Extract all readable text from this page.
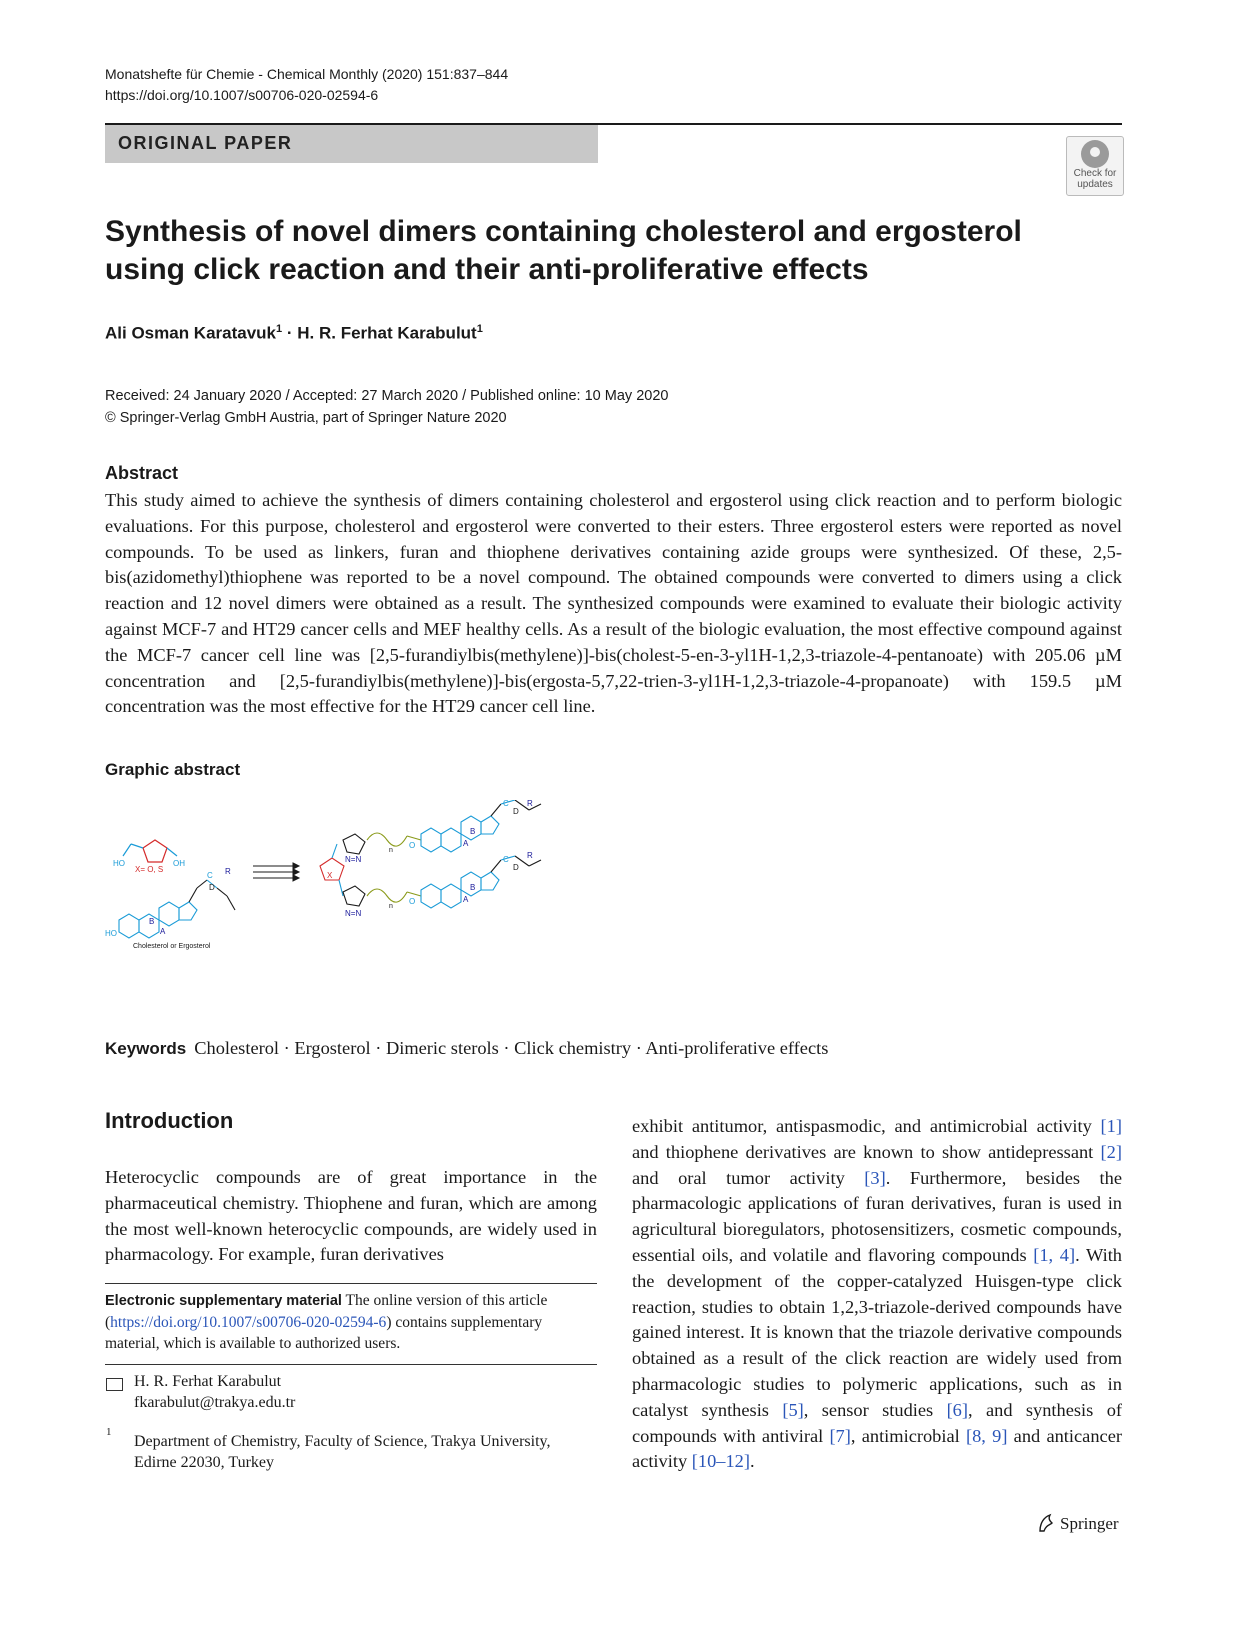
Monatshefte für Chemie - Chemical Monthly (2020) 151:837–844
https://doi.org/10.1007/s00706-020-02594-6
ORIGINAL PAPER
Check for
updates
Synthesis of novel dimers containing cholesterol and ergosterol using click reaction and their anti-proliferative effects
Ali Osman Karatavuk$^1$ · H. R. Ferhat Karabulut$^1$
Received: 24 January 2020 / Accepted: 27 March 2020 / Published online: 10 May 2020
© Springer-Verlag GmbH Austria, part of Springer Nature 2020
Abstract
This study aimed to achieve the synthesis of dimers containing cholesterol and ergosterol using click reaction and to perform biologic evaluations. For this purpose, cholesterol and ergosterol were converted to their esters. Three ergosterol esters were reported as novel compounds. To be used as linkers, furan and thiophene derivatives containing azide groups were synthesized. Of these, 2,5-bis(azidomethyl)thiophene was reported to be a novel compound. The obtained compounds were converted to dimers using a click reaction and 12 novel dimers were obtained as a result. The synthesized compounds were examined to evaluate their biologic activity against MCF-7 and HT29 cancer cells and MEF healthy cells. As a result of the biologic evaluation, the most effective compound against the MCF-7 cancer cell line was [2,5-furandiylbis(methylene)]-bis(cholest-5-en-3-yl1H-1,2,3-triazole-4-pentanoate) with 205.06 µM concentration and [2,5-furandiylbis(methylene)]-bis(ergosta-5,7,22-trien-3-yl1H-1,2,3-triazole-4-propanoate) with 159.5 µM concentration was the most effective for the HT29 cancer cell line.
Graphic abstract
HO	OH
X= O, S
HO
B
A
C
D
R
Cholesterol or Ergosterol
X
N=N
N=N
n
n
O
O
B
A
B
A
C
D
R
C
D
R
Keywords Cholesterol · Ergosterol · Dimeric sterols · Click chemistry · Anti-proliferative effects
Introduction
Heterocyclic compounds are of great importance in the pharmaceutical chemistry. Thiophene and furan, which are among the most well-known heterocyclic compounds, are widely used in pharmacology. For example, furan derivatives
exhibit antitumor, antispasmodic, and antimicrobial activity [1] and thiophene derivatives are known to show antidepressant [2] and oral tumor activity [3]. Furthermore, besides the pharmacologic applications of furan derivatives, furan is used in agricultural bioregulators, photosensitizers, cosmetic compounds, essential oils, and volatile and flavoring compounds [1, 4]. With the development of the copper-catalyzed Huisgen-type click reaction, studies to obtain 1,2,3-triazole-derived compounds have gained interest. It is known that the triazole derivative compounds obtained as a result of the click reaction are widely used from pharmacologic studies to polymeric applications, such as in catalyst synthesis [5], sensor studies [6], and synthesis of compounds with antiviral [7], antimicrobial [8, 9] and anticancer activity [10–12].
Electronic supplementary material The online version of this article (https://doi.org/10.1007/s00706-020-02594-6) contains supplementary material, which is available to authorized users.
H. R. Ferhat Karabulut
fkarabulut@trakya.edu.tr
1
Department of Chemistry, Faculty of Science, Trakya University, Edirne 22030, Turkey
Springer
